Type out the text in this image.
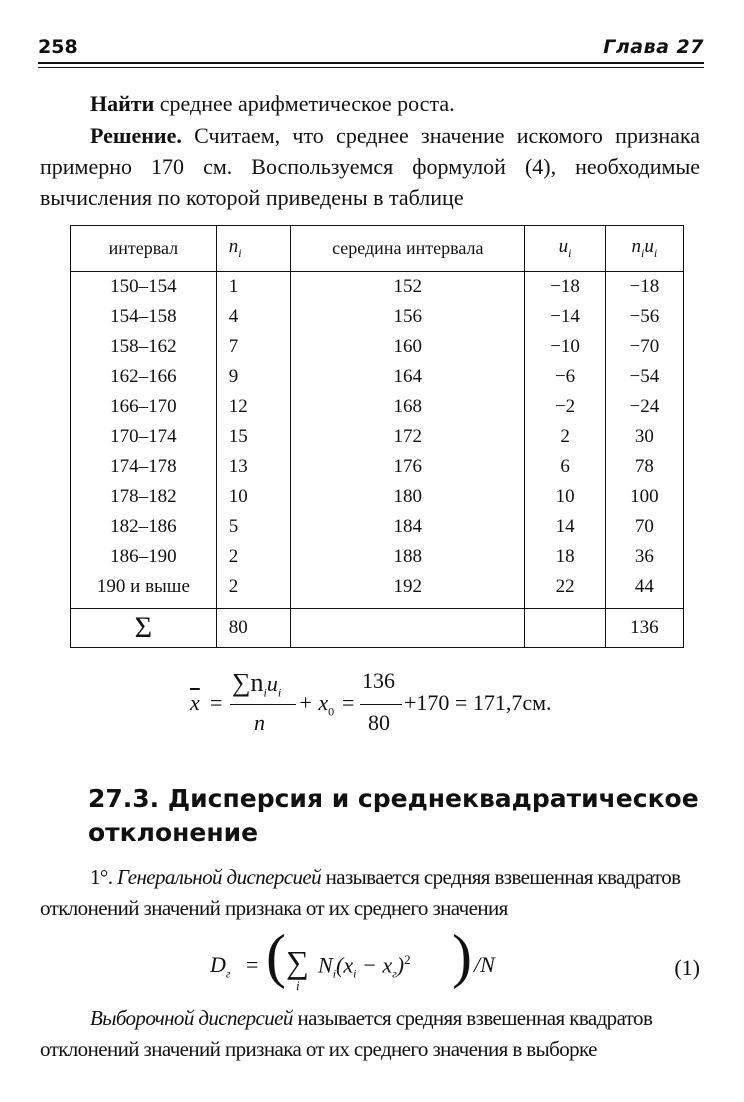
258	Глава 27

Найти среднее арифметическое роста.

Решение. Считаем, что среднее значение искомого признака примерно 170 см. Воспользуемся формулой (4), необходимые вычисления по которой приведены в таблице

интервал	$n_i$	середина интервала	$u_i$	$n_iu_i$
150–154	1	152	−18	−18
154–158	4	156	−14	−56
158–162	7	160	−10	−70
162–166	9	164	−6	−54
166–170	12	168	−2	−24
170–174	15	172	2	30
174–178	13	176	6	78
178–182	10	180	10	100
182–186	5	184	14	70
186–190	2	188	18	36
190 и выше	2	192	22	44
Σ	80			136
$\overline{x}$ =
$\sum n_iu_i$
n
+ $x_0$ =
136
80
+170 = 171,7см.
27.3. Дисперсия и среднеквадратическое отклонение

1°. Генеральной дисперсией называется средняя взвешенная квадратов отклонений значений признака от их среднего значения

$D_г$ = ( ∑
i
$N_i(x_i - x_г)^2$ ) /N	(1)

Выборочной дисперсией называется средняя взвешенная квадратов отклонений значений признака от их среднего значения в выборке
